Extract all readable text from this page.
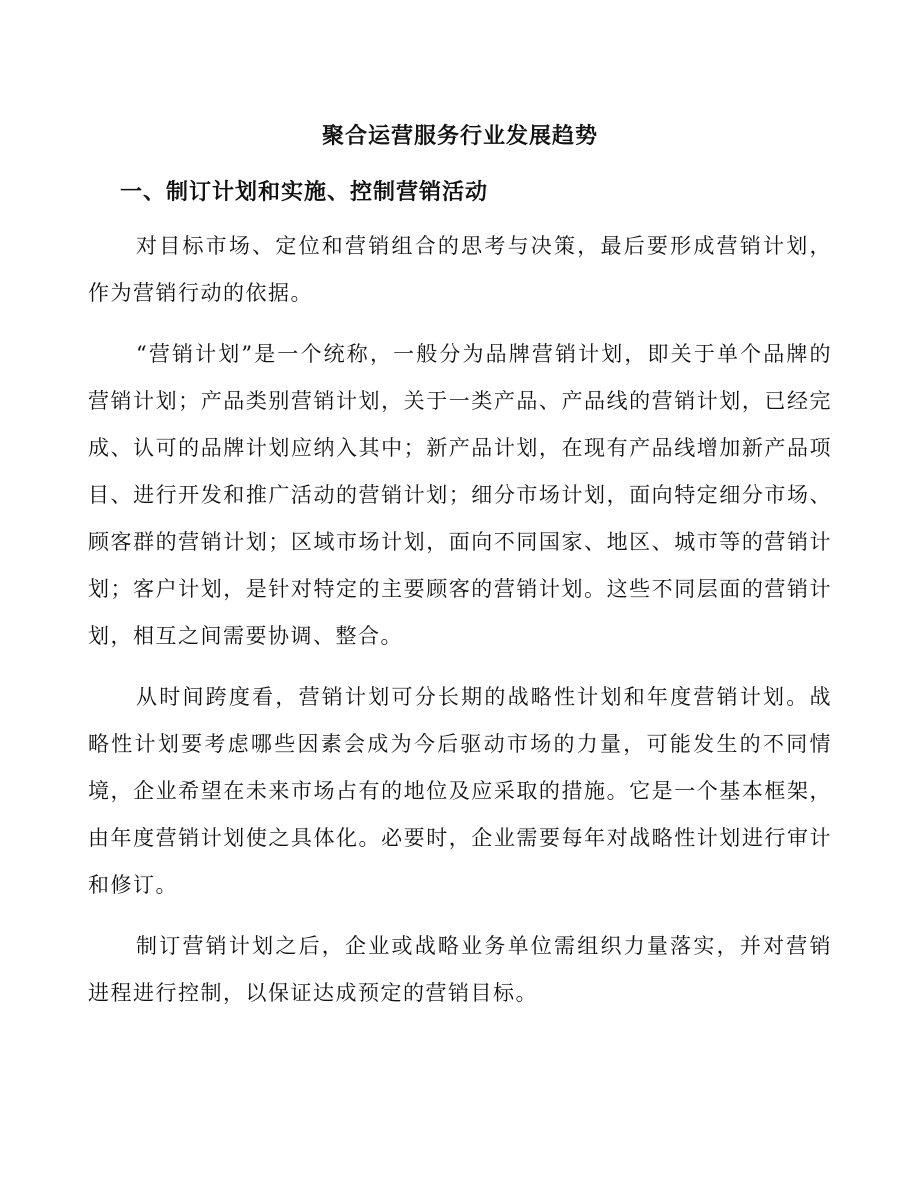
聚合运营服务行业发展趋势
一、制订计划和实施、控制营销活动

对目标市场、定位和营销组合的思考与决策，最后要形成营销计划，作为营销行动的依据。

“营销计划”是一个统称，一般分为品牌营销计划，即关于单个品牌的营销计划；产品类别营销计划，关于一类产品、产品线的营销计划，已经完成、认可的品牌计划应纳入其中；新产品计划，在现有产品线增加新产品项目、进行开发和推广活动的营销计划；细分市场计划，面向特定细分市场、顾客群的营销计划；区域市场计划，面向不同国家、地区、城市等的营销计划；客户计划，是针对特定的主要顾客的营销计划。这些不同层面的营销计划，相互之间需要协调、整合。

从时间跨度看，营销计划可分长期的战略性计划和年度营销计划。战略性计划要考虑哪些因素会成为今后驱动市场的力量，可能发生的不同情境，企业希望在未来市场占有的地位及应采取的措施。它是一个基本框架，由年度营销计划使之具体化。必要时，企业需要每年对战略性计划进行审计和修订。

制订营销计划之后，企业或战略业务单位需组织力量落实，并对营销进程进行控制，以保证达成预定的营销目标。
